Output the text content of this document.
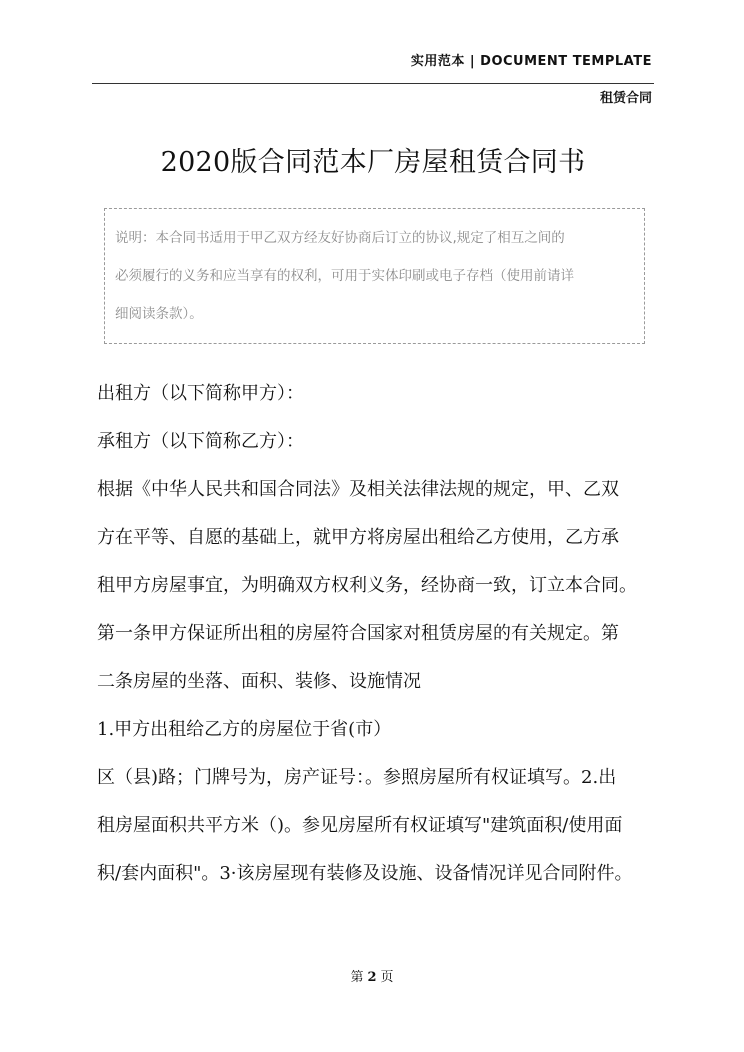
实用范本 | DOCUMENT TEMPLATE
租赁合同
2020版合同范本厂房屋租赁合同书
说明：本合同书适用于甲乙双方经友好协商后订立的协议,规定了相互之间的
必须履行的义务和应当享有的权利，可用于实体印刷或电子存档（使用前请详
细阅读条款）。
出租方（以下简称甲方）：
承租方（以下简称乙方）：
根据《中华人民共和国合同法》及相关法律法规的规定，甲、乙双
方在平等、自愿的基础上，就甲方将房屋出租给乙方使用，乙方承
租甲方房屋事宜，为明确双方权利义务，经协商一致，订立本合同。
第一条甲方保证所出租的房屋符合国家对租赁房屋的有关规定。第
二条房屋的坐落、面积、装修、设施情况
1.甲方出租给乙方的房屋位于省(市）
区（县)路；门牌号为，房产证号：。参照房屋所有权证填写。2.出
租房屋面积共平方米（)。参见房屋所有权证填写"建筑面积/使用面
积/套内面积"。3·该房屋现有装修及设施、设备情况详见合同附件。
第 2 页
